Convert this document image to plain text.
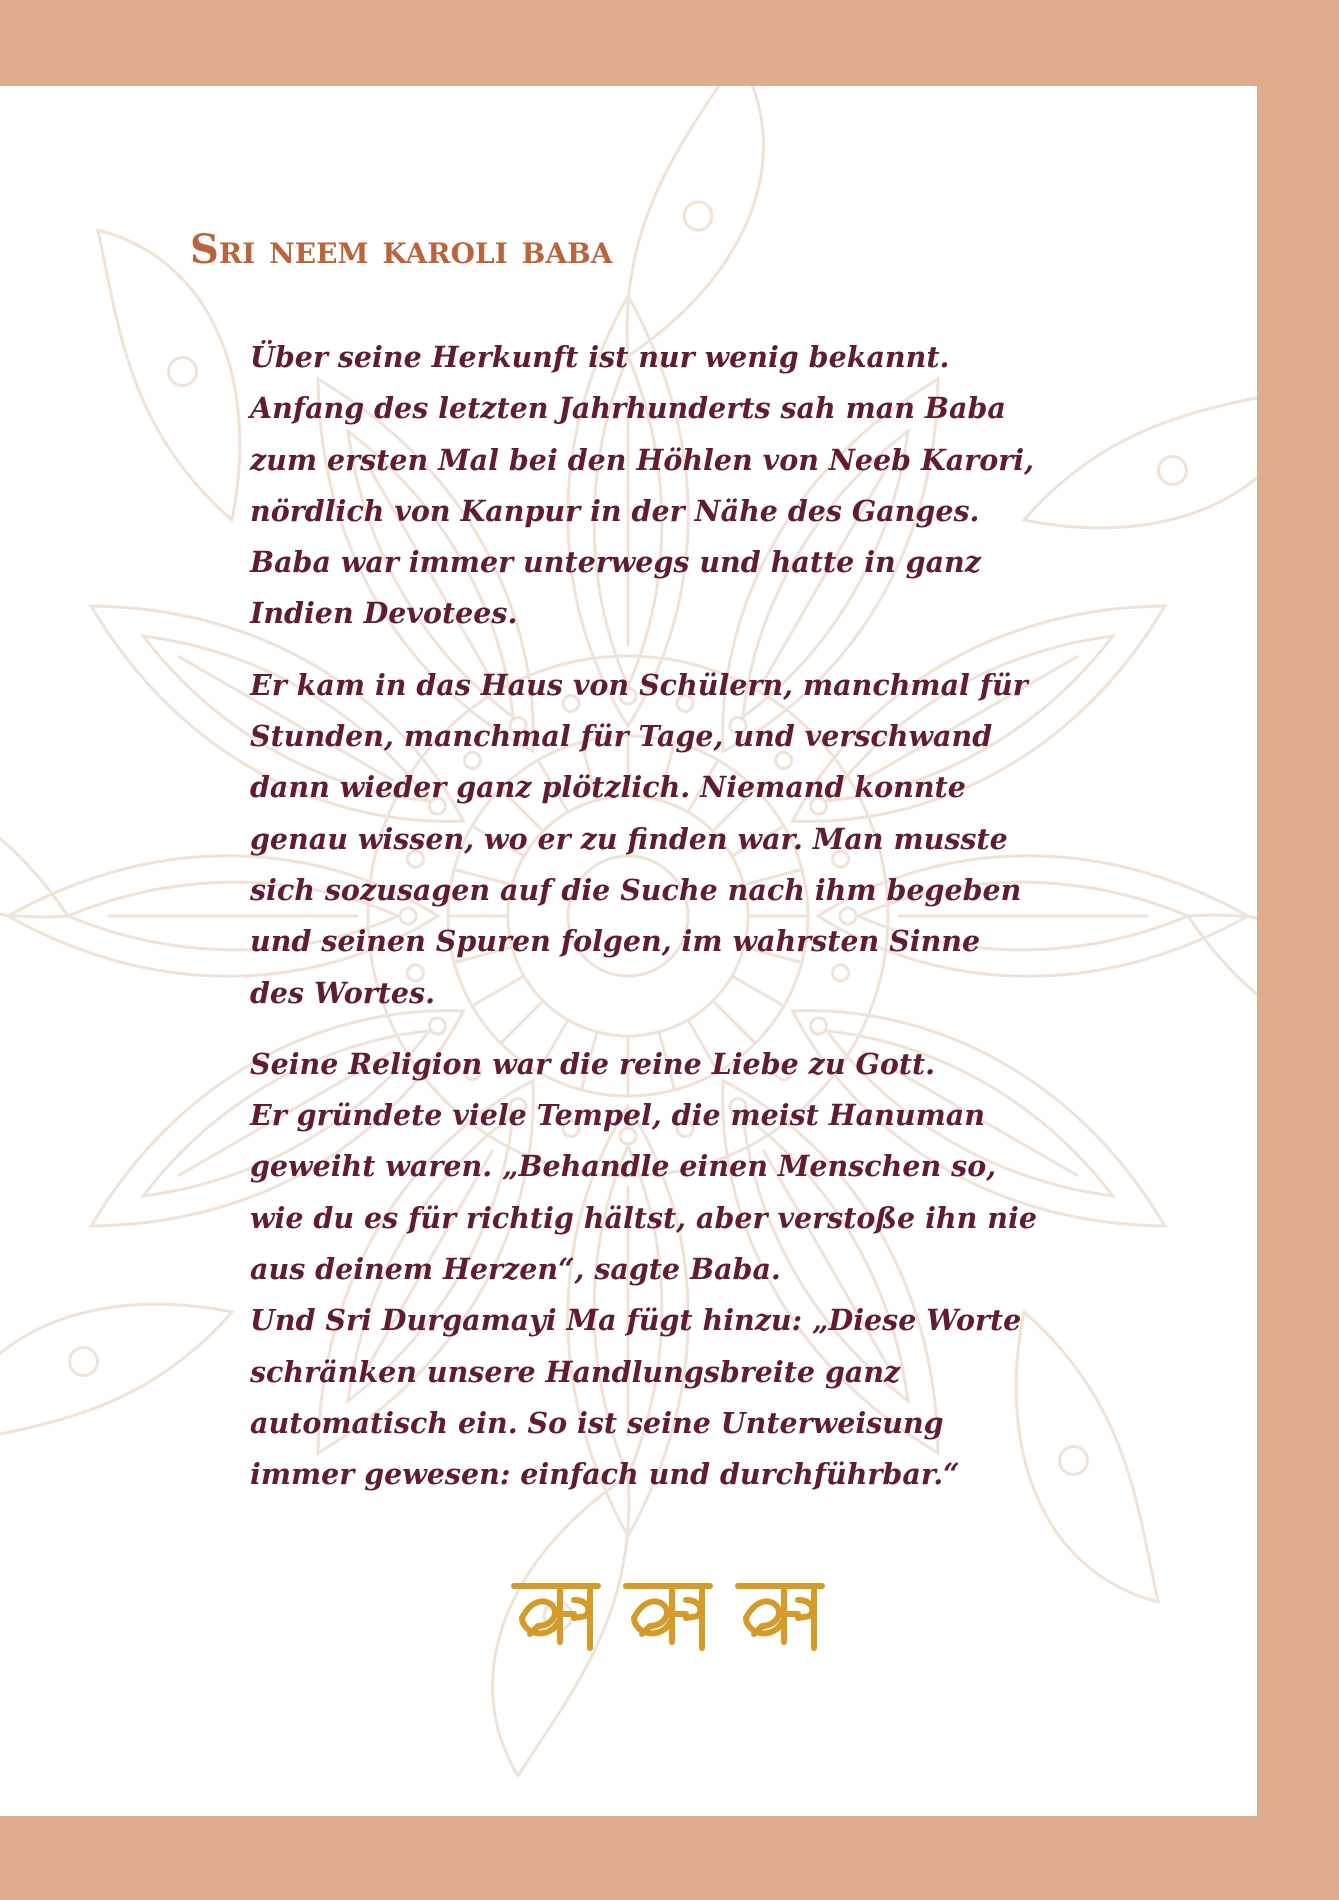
Sri neem karoli baba

Über seine Herkunft ist nur wenig bekannt.
Anfang des letzten Jahrhunderts sah man Baba
zum ersten Mal bei den Höhlen von Neeb Karori,
nördlich von Kanpur in der Nähe des Ganges.
Baba war immer unterwegs und hatte in ganz
Indien Devotees.

Er kam in das Haus von Schülern, manchmal für
Stunden, manchmal für Tage, und verschwand
dann wieder ganz plötzlich. Niemand konnte
genau wissen, wo er zu finden war. Man musste
sich sozusagen auf die Suche nach ihm begeben
und seinen Spuren folgen, im wahrsten Sinne
des Wortes.

Seine Religion war die reine Liebe zu Gott.
Er gründete viele Tempel, die meist Hanuman
geweiht waren. „Behandle einen Menschen so,
wie du es für richtig hältst, aber verstoße ihn nie
aus deinem Herzen“, sagte Baba.
Und Sri Durgamayi Ma fügt hinzu: „Diese Worte
schränken unsere Handlungsbreite ganz
automatisch ein. So ist seine Unterweisung
immer gewesen: einfach und durchführbar.“
